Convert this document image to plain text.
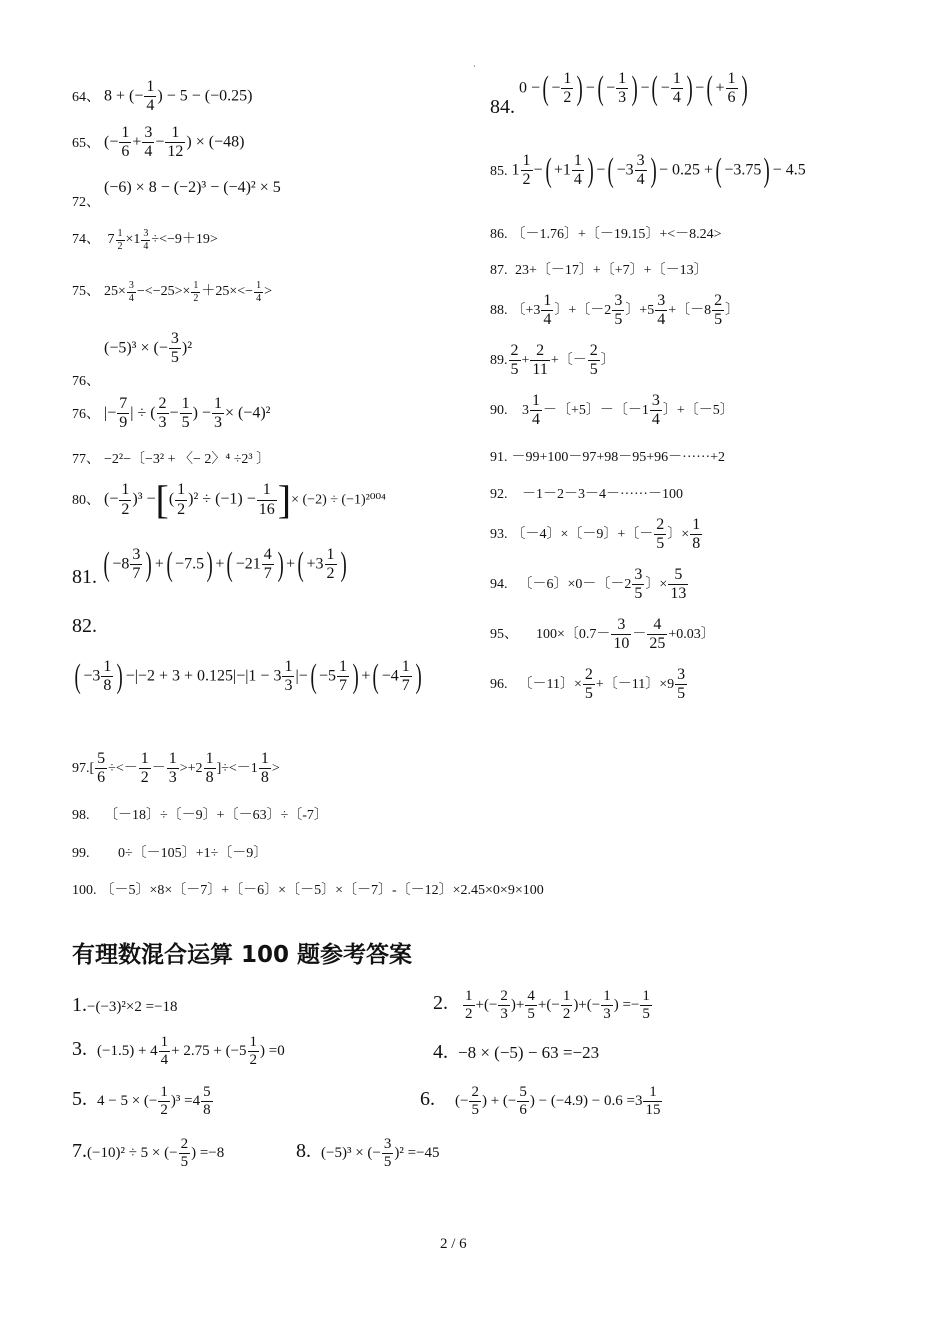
·
64、 8 + (− $\frac{1}{4}$ ) − 5 − (−0.25)
65、 (− $\frac{1}{6} + \frac{3}{4} - \frac{1}{12}$ ) × (−48)
72、(−6) × 8 − (−2)³ − (−4)² × 5
74、 $7 \frac{1}{2} \times 1 \frac{3}{4} \div<-9+19>$
75、 $25\times \frac{3}{4} -<-25>\times \frac{1}{2} +25\times<- \frac{1}{4}$ >
76、(−5)³ × (− $\frac{3}{5} )^2$
76、 |− $\frac{7}{9}$ | ÷ ( $\frac{2}{3} - \frac{1}{5}$ ) − $\frac{1}{3} \times (-4)^2$
77、 −2²−〔−3² + 〈− 2〉⁴ ÷2³ 〕
80、 (− $\frac{1}{2} )^3$ −[( $\frac{1}{2} )^2 \div (-1) - \frac{1}{16}$ ]× (−2) ÷ (−1)²⁰⁰⁴
81. ( $-8 \frac{3}{7}$ ) +( −7.5) +( $-21 \frac{4}{7}$ ) +( $+3 \frac{1}{2}$ )
82.
( $-3 \frac{1}{8}$ ) $-|-2 + 3 + 0.125|-|1 - 3 \frac{1}{3}$ |−( $-5 \frac{1}{7}$ ) +( $-4 \frac{1}{7}$ )
84.0 −( − $\frac{1}{2}$ ) −( − $\frac{1}{3}$ ) −( − $\frac{1}{4}$ ) −( + $\frac{1}{6}$ )
85. $1 \frac{1}{2}$ −( $+1 \frac{1}{4}$ ) −( $-3 \frac{3}{4}$ ) − 0.25 +( −3.75) − 4.5
86. 〔－1.76〕+〔－19.15〕+<－8.24>
87. 23+〔－17〕+〔+7〕+〔－13〕
88. 〔$+3 \frac{1}{4}$ 〕+〔$-2 \frac{3}{5}$ 〕$+5 \frac{3}{4}$ +〔$-8 \frac{2}{5}$ 〕
89. $\frac{2}{5} + \frac{2}{11}$ +〔－ $\frac{2}{5}$ 〕
90. $3 \frac{1}{4}$ －〔+5〕－〔$-1 \frac{3}{4}$ 〕+〔－5〕
91. －99+100－97+98－95+96－······+2
92. －1－2－3－4－······－100
93. 〔－4〕×〔－9〕+〔－ $\frac{2}{5}$ 〕× $\frac{1}{8}$
94. 〔－6〕×0－〔$-2 \frac{3}{5}$ 〕× $\frac{5}{13}$
95、 100×〔$0.7- \frac{3}{10} - \frac{4}{25} +0.03$〕
96. 〔－11〕× $\frac{2}{5}$ +〔－11〕$\times 9 \frac{3}{5}$
$97.[ \frac{5}{6}$ ÷<－ $\frac{1}{2} - \frac{1}{3} >+2 \frac{1}{8} ]\div<-1 \frac{1}{8}$ >
98. 〔－18〕÷〔－9〕+〔－63〕÷〔-7〕
99. 0÷〔－105〕+1÷〔－9〕
100. 〔－5〕×8×〔－7〕+〔－6〕×〔－5〕×〔－7〕-〔－12〕×2.45×0×9×100
有理数混合运算 100 题参考答案
1.−(−3)²×2 =−18	2. $\frac{1}{2}$ +(− $\frac{2}{3}$ )+ $\frac{4}{5}$ +(− $\frac{1}{2}$ )+(− $\frac{1}{3}$ ) =− $\frac{1}{5}$
3. $(-1.5) + 4 \frac{1}{4} + 2.75 + (-5 \frac{1}{2}$ ) =0	4. −8 × (−5) − 63 =−23
5. 4 − 5 × (− $\frac{1}{2} )^3 =4 \frac{5}{8}$	6. (− $\frac{2}{5}$ ) + (− $\frac{5}{6}$ ) − $(-4.9) - 0.6 =3 \frac{1}{15}$
7.(−10)² ÷ 5 × (− $\frac{2}{5}$ ) =−8	8. (−5)³ × (− $\frac{3}{5} )^2 =-45$
2 / 6
